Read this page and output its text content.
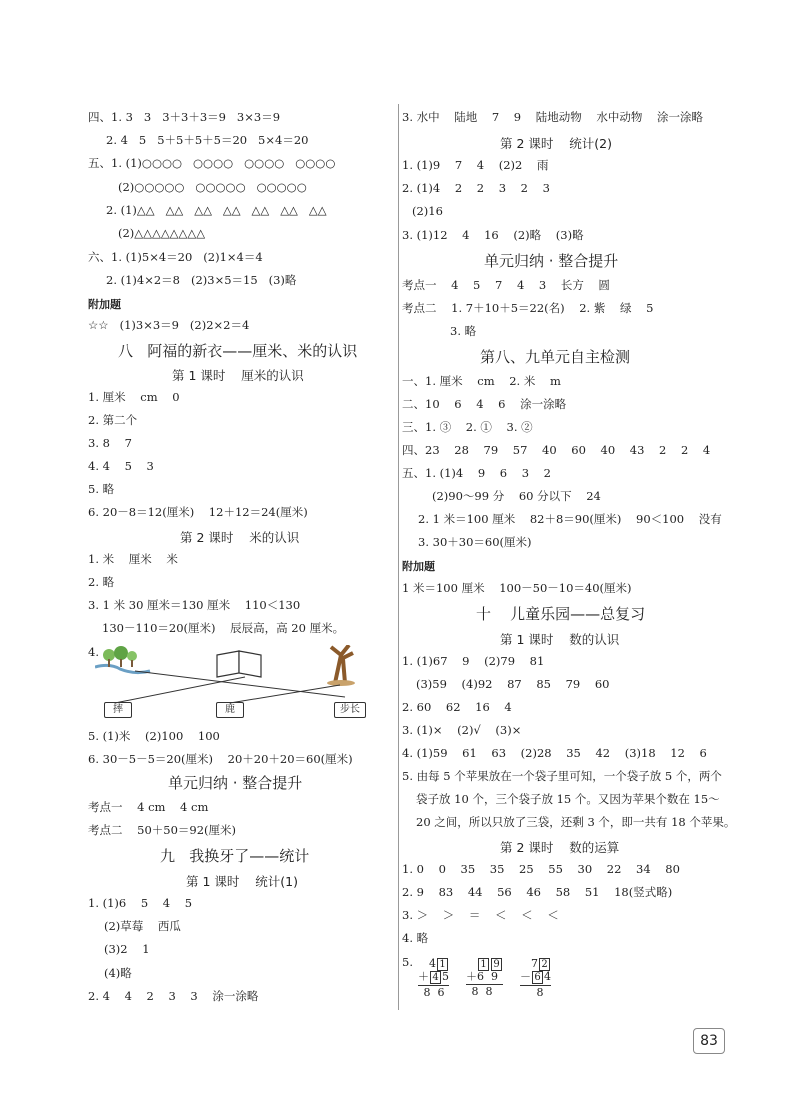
四、1. 3   3   3＋3＋3＝9   3×3＝9
2. 4   5   5＋5＋5＋5＝20   5×4＝20
五、1. (1)○○○○   ○○○○   ○○○○   ○○○○
(2)○○○○○   ○○○○○   ○○○○○
2. (1)△△   △△   △△   △△   △△   △△   △△
(2)△△△△△△△△
六、1. (1)5×4＝20   (2)1×4＝4
2. (1)4×2＝8   (2)3×5＝15   (3)略
附加题
☆☆   (1)3×3＝9   (2)2×2＝4
八   阿福的新衣——厘米、米的认识
第 1 课时    厘米的认识
1. 厘米    cm    0
2. 第二个
3. 8    7
4. 4    5    3
5. 略
6. 20－8＝12(厘米)    12＋12＝24(厘米)
第 2 课时    米的认识
1. 米    厘米    米
2. 略
3. 1 米 30 厘米＝130 厘米    110＜130
130－110＝20(厘米)    辰辰高，高 20 厘米。
4.
摔	鹿	步长
5. (1)米    (2)100    100
6. 30－5－5＝20(厘米)    20＋20＋20＝60(厘米)
单元归纳 · 整合提升
考点一    4 cm    4 cm
考点二    50＋50＝92(厘米)
九   我换牙了——统计
第 1 课时    统计(1)
1. (1)6    5    4    5
(2)草莓    西瓜
(3)2    1
(4)略
2. 4    4    2    3    3    涂一涂略
3. 水中    陆地    7    9    陆地动物    水中动物    涂一涂略
第 2 课时    统计(2)
1. (1)9    7    4    (2)2    雨
2. (1)4    2    2    3    2    3
(2)16
3. (1)12    4    16    (2)略    (3)略
单元归纳 · 整合提升
考点一    4    5    7    4    3    长方    圆
考点二    1. 7＋10＋5＝22(名)    2. 紫    绿    5
3. 略
第八、九单元自主检测
一、1. 厘米    cm    2. 米    m
二、10    6    4    6    涂一涂略
三、1. ③    2. ①    3. ②
四、23    28    79    57    40    60    40    43    2    2    4
五、1. (1)4    9    6    3    2
(2)90～99 分    60 分以下    24
2. 1 米＝100 厘米    82＋8＝90(厘米)    90＜100    没有
3. 30＋30＝60(厘米)
附加题
1 米＝100 厘米    100－50－10＝40(厘米)
十    儿童乐园——总复习
第 1 课时    数的认识
1. (1)67    9    (2)79    81
(3)59    (4)92    87    85    79    60
2. 60    62    16    4
3. (1)×    (2)√    (3)×
4. (1)59    61    63    (2)28    35    42    (3)18    12    6
5. 由每 5 个苹果放在一个袋子里可知，一个袋子放 5 个，两个
袋子放 10 个，三个袋子放 15 个。又因为苹果个数在 15～
20 之间，所以只放了三袋，还剩 3 个，即一共有 18 个苹果。
第 2 课时    数的运算
1. 0    0    35    35    25    55    30    22    34    80
2. 9    83    44    56    46    58    51    18(竖式略)
3. ＞    ＞    ＝    ＜    ＜    ＜
4. 略
5.
  	4 1
＋ 4 5
 8  6
  1 9
＋6  9
 8  8
  7 2
－ 6 4
   8
83
